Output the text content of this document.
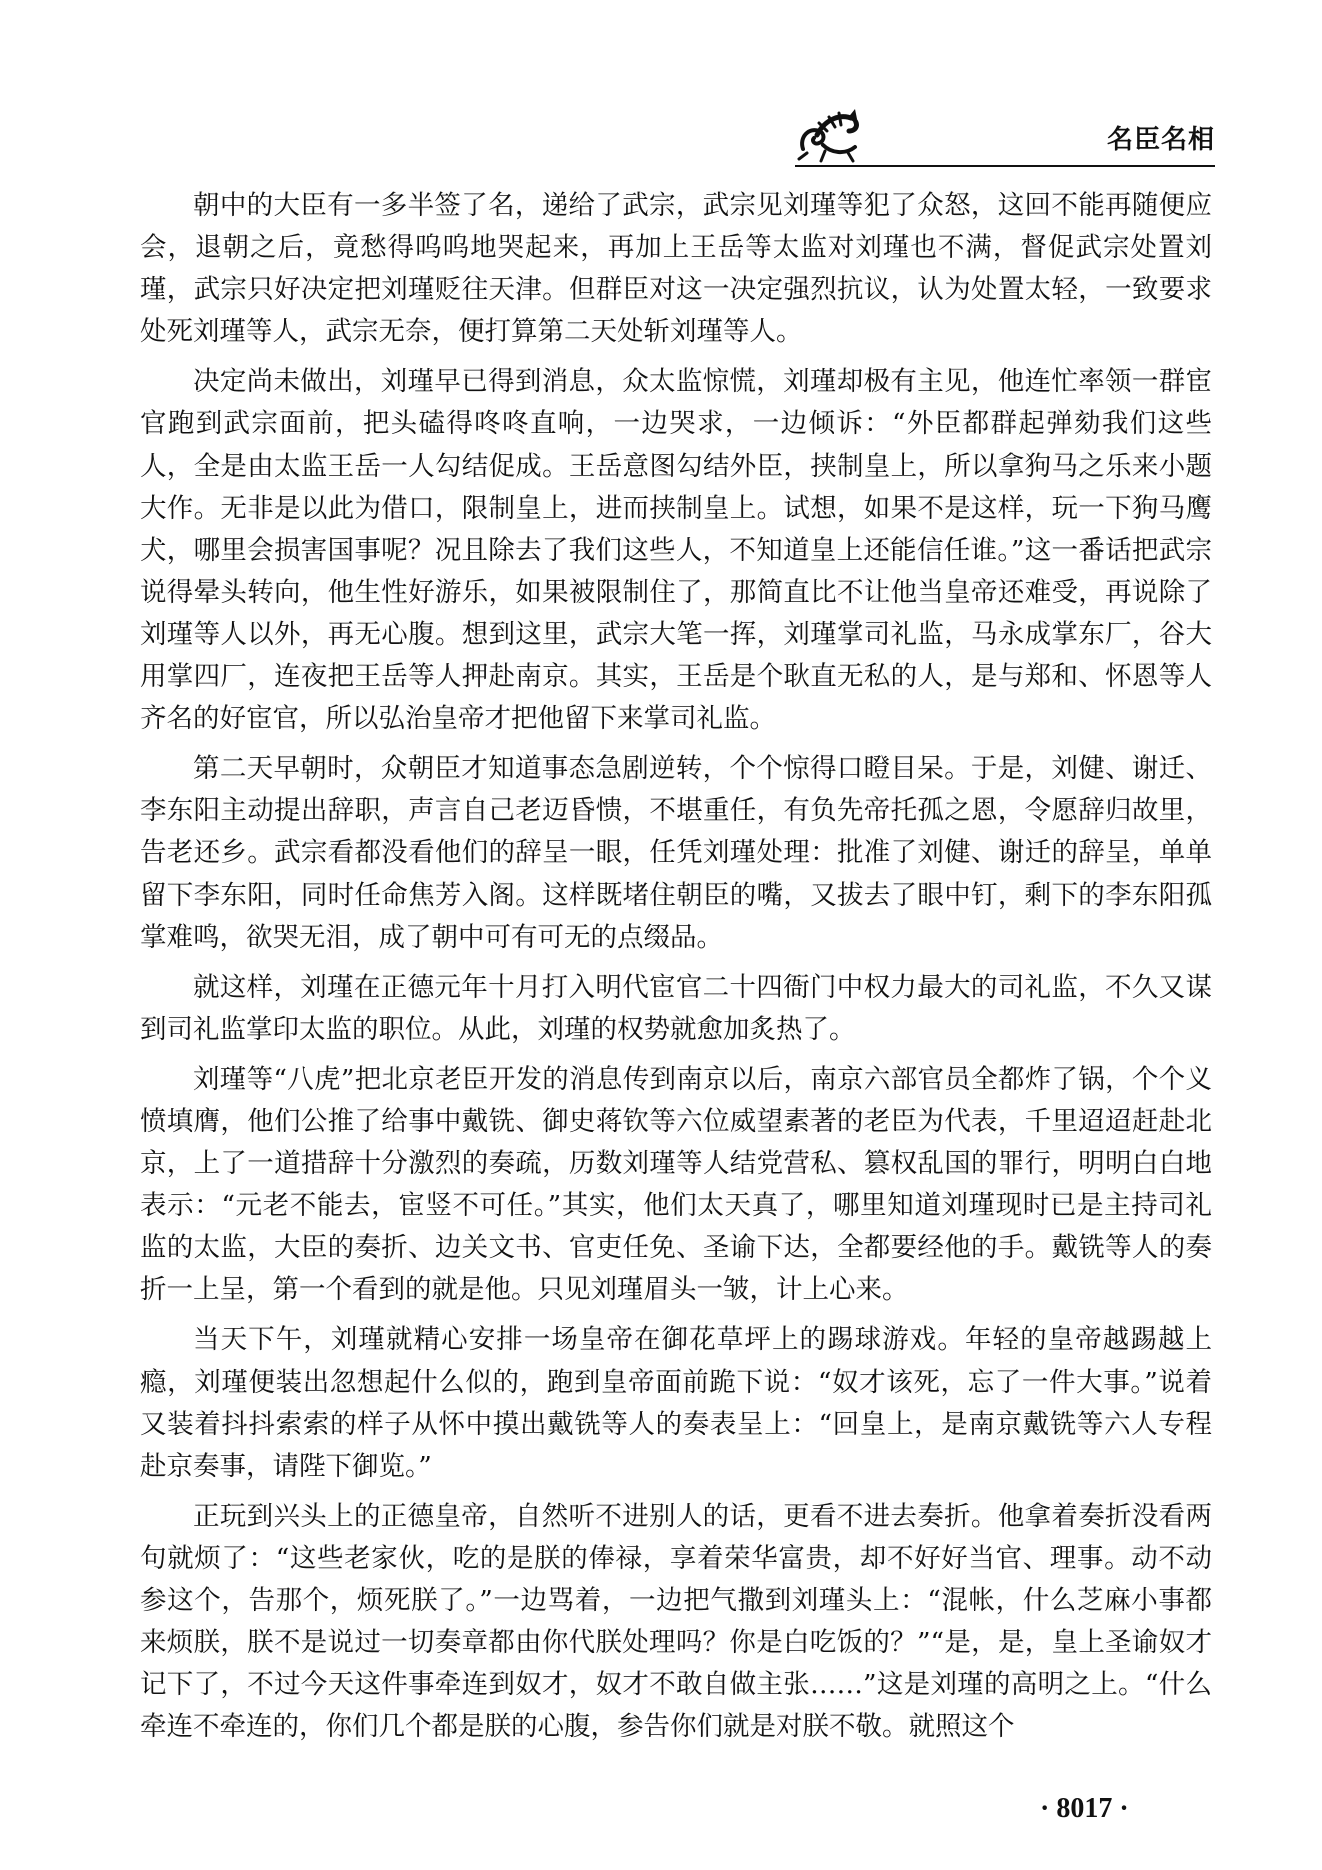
名臣名相

朝中的大臣有一多半签了名，递给了武宗，武宗见刘瑾等犯了众怒，这回不能再随便应会，退朝之后，竟愁得呜呜地哭起来，再加上王岳等太监对刘瑾也不满，督促武宗处置刘瑾，武宗只好决定把刘瑾贬往天津。但群臣对这一决定强烈抗议，认为处置太轻，一致要求处死刘瑾等人，武宗无奈，便打算第二天处斩刘瑾等人。

决定尚未做出，刘瑾早已得到消息，众太监惊慌，刘瑾却极有主见，他连忙率领一群宦官跑到武宗面前，把头磕得咚咚直响，一边哭求，一边倾诉：“外臣都群起弹劾我们这些人，全是由太监王岳一人勾结促成。王岳意图勾结外臣，挟制皇上，所以拿狗马之乐来小题大作。无非是以此为借口，限制皇上，进而挟制皇上。试想，如果不是这样，玩一下狗马鹰犬，哪里会损害国事呢？况且除去了我们这些人，不知道皇上还能信任谁。”这一番话把武宗说得晕头转向，他生性好游乐，如果被限制住了，那简直比不让他当皇帝还难受，再说除了刘瑾等人以外，再无心腹。想到这里，武宗大笔一挥，刘瑾掌司礼监，马永成掌东厂，谷大用掌四厂，连夜把王岳等人押赴南京。其实，王岳是个耿直无私的人，是与郑和、怀恩等人齐名的好宦官，所以弘治皇帝才把他留下来掌司礼监。

第二天早朝时，众朝臣才知道事态急剧逆转，个个惊得口瞪目呆。于是，刘健、谢迁、李东阳主动提出辞职，声言自己老迈昏愦，不堪重任，有负先帝托孤之恩，令愿辞归故里，告老还乡。武宗看都没看他们的辞呈一眼，任凭刘瑾处理：批准了刘健、谢迁的辞呈，单单留下李东阳，同时任命焦芳入阁。这样既堵住朝臣的嘴，又拔去了眼中钉，剩下的李东阳孤掌难鸣，欲哭无泪，成了朝中可有可无的点缀品。

就这样，刘瑾在正德元年十月打入明代宦官二十四衙门中权力最大的司礼监，不久又谋到司礼监掌印太监的职位。从此，刘瑾的权势就愈加炙热了。

刘瑾等“八虎”把北京老臣开发的消息传到南京以后，南京六部官员全都炸了锅，个个义愤填膺，他们公推了给事中戴铣、御史蒋钦等六位威望素著的老臣为代表，千里迢迢赶赴北京，上了一道措辞十分激烈的奏疏，历数刘瑾等人结党营私、篡权乱国的罪行，明明白白地表示：“元老不能去，宦竖不可任。”其实，他们太天真了，哪里知道刘瑾现时已是主持司礼监的太监，大臣的奏折、边关文书、官吏任免、圣谕下达，全都要经他的手。戴铣等人的奏折一上呈，第一个看到的就是他。只见刘瑾眉头一皱，计上心来。

当天下午，刘瑾就精心安排一场皇帝在御花草坪上的踢球游戏。年轻的皇帝越踢越上瘾，刘瑾便装出忽想起什么似的，跑到皇帝面前跪下说：“奴才该死，忘了一件大事。”说着又装着抖抖索索的样子从怀中摸出戴铣等人的奏表呈上：“回皇上，是南京戴铣等六人专程赴京奏事，请陛下御览。”

正玩到兴头上的正德皇帝，自然听不进别人的话，更看不进去奏折。他拿着奏折没看两句就烦了：“这些老家伙，吃的是朕的俸禄，享着荣华富贵，却不好好当官、理事。动不动参这个，告那个，烦死朕了。”一边骂着，一边把气撒到刘瑾头上：“混帐，什么芝麻小事都来烦朕，朕不是说过一切奏章都由你代朕处理吗？你是白吃饭的？”“是，是，皇上圣谕奴才记下了，不过今天这件事牵连到奴才，奴才不敢自做主张……”这是刘瑾的高明之上。“什么牵连不牵连的，你们几个都是朕的心腹，参告你们就是对朕不敬。就照这个

· 8017 ·
